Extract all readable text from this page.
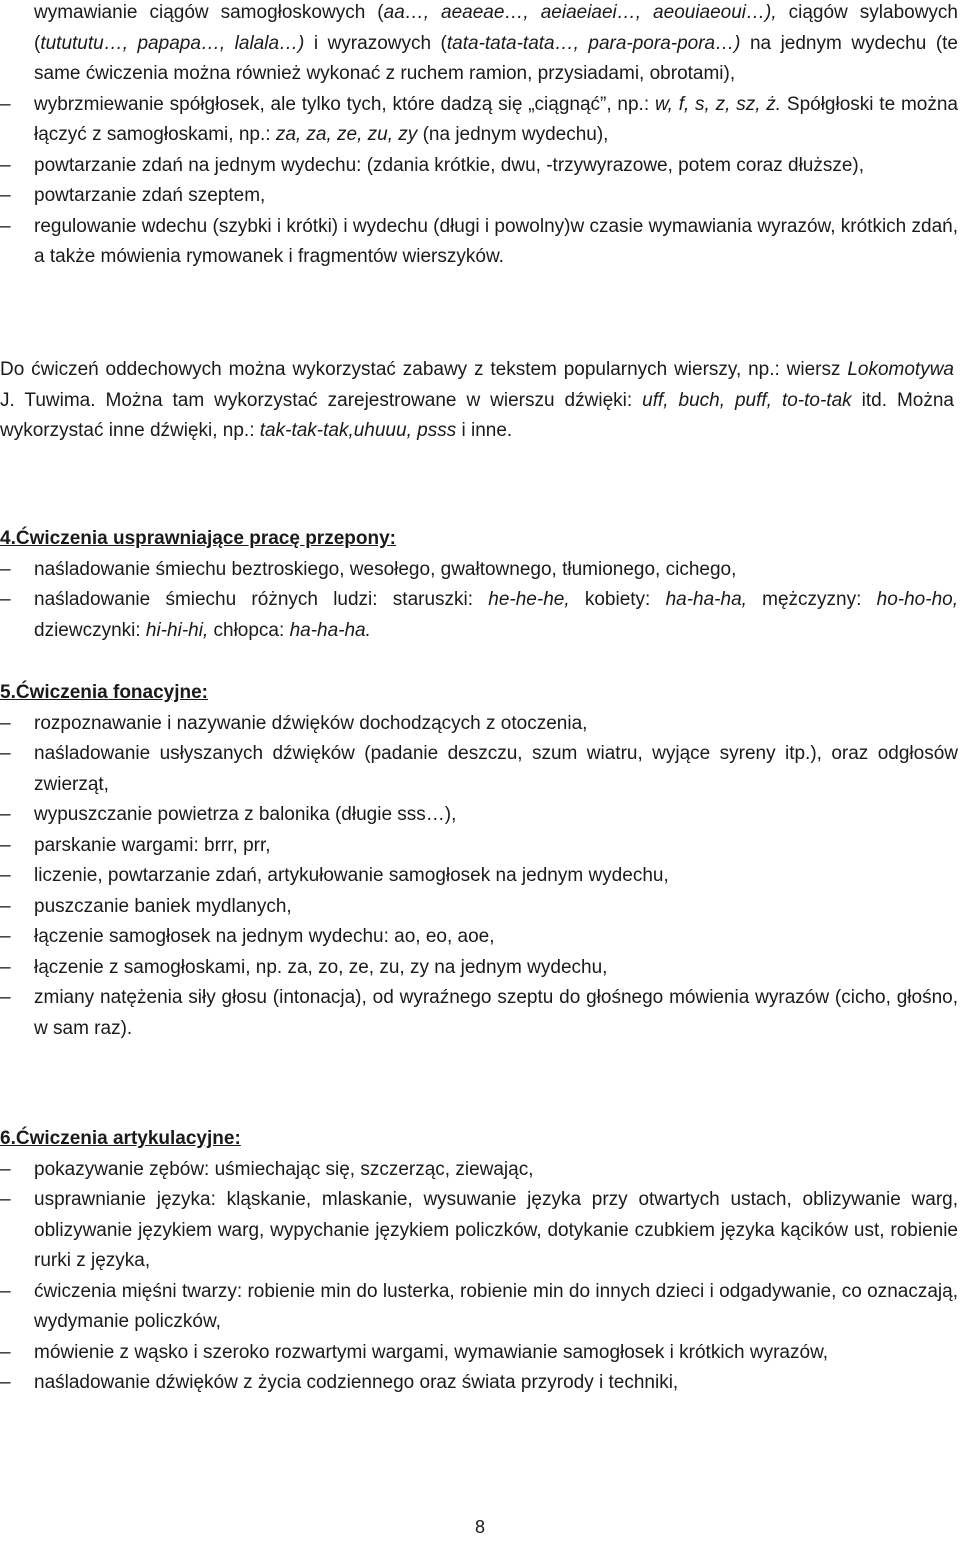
wymawianie ciągów samogłoskowych (aa…, aeaeae…, aeiaeiaei…, aeouiaeoui…), ciągów sylabowych (tutututu…, papapa…, lalala…) i wyrazowych (tata-tata-tata…, para-pora-pora…) na jednym wydechu (te same ćwiczenia można również wykonać z ruchem ramion, przysiadami, obrotami),
–	wybrzmiewanie spółgłosek, ale tylko tych, które dadzą się „ciągnąć”, np.: w, f, s, z, sz, ż. Spółgłoski te można łączyć z samogłoskami, np.: za, za, ze, zu, zy (na jednym wydechu),
–	powtarzanie zdań na jednym wydechu: (zdania krótkie, dwu, -trzywyrazowe, potem coraz dłuższe),
–	powtarzanie zdań szeptem,
–	regulowanie wdechu (szybki i krótki) i wydechu (długi i powolny)w czasie wymawiania wyrazów, krótkich zdań, a także mówienia rymowanek i fragmentów wierszyków.

Do ćwiczeń oddechowych można wykorzystać zabawy z tekstem popularnych wierszy, np.: wiersz Lokomotywa J. Tuwima. Można tam wykorzystać zarejestrowane w wierszu dźwięki: uff, buch, puff, to-to-tak itd. Można wykorzystać inne dźwięki, np.: tak-tak-tak,uhuuu, psss i inne.

4.Ćwiczenia usprawniające pracę przepony:

–	naśladowanie śmiechu beztroskiego, wesołego, gwałtownego, tłumionego, cichego,
–	naśladowanie śmiechu różnych ludzi: staruszki: he-he-he, kobiety: ha-ha-ha, mężczyzny: ho-ho-ho, dziewczynki: hi-hi-hi, chłopca: ha-ha-ha.

5.Ćwiczenia fonacyjne:

–	rozpoznawanie i nazywanie dźwięków dochodzących z otoczenia,
–	naśladowanie usłyszanych dźwięków (padanie deszczu, szum wiatru, wyjące syreny itp.), oraz odgłosów zwierząt,
–	wypuszczanie powietrza z balonika (długie sss…),
–	parskanie wargami: brrr, prr,
–	liczenie, powtarzanie zdań, artykułowanie samogłosek na jednym wydechu,
–	puszczanie baniek mydlanych,
–	łączenie samogłosek na jednym wydechu: ao, eo, aoe,
–	łączenie z samogłoskami, np. za, zo, ze, zu, zy na jednym wydechu,
–	zmiany natężenia siły głosu (intonacja), od wyraźnego szeptu do głośnego mówienia wyrazów (cicho, głośno, w sam raz).

6.Ćwiczenia artykulacyjne:

–	pokazywanie zębów: uśmiechając się, szczerząc, ziewając,
–	usprawnianie języka: kląskanie, mlaskanie, wysuwanie języka przy otwartych ustach, oblizywanie warg, oblizywanie językiem warg, wypychanie językiem policzków, dotykanie czubkiem języka kącików ust, robienie rurki z języka,
–	ćwiczenia mięśni twarzy: robienie min do lusterka, robienie min do innych dzieci i odgadywanie, co oznaczają, wydymanie policzków,
–	mówienie z wąsko i szeroko rozwartymi wargami, wymawianie samogłosek i krótkich wyrazów,
–	naśladowanie dźwięków z życia codziennego oraz świata przyrody i techniki,
8
